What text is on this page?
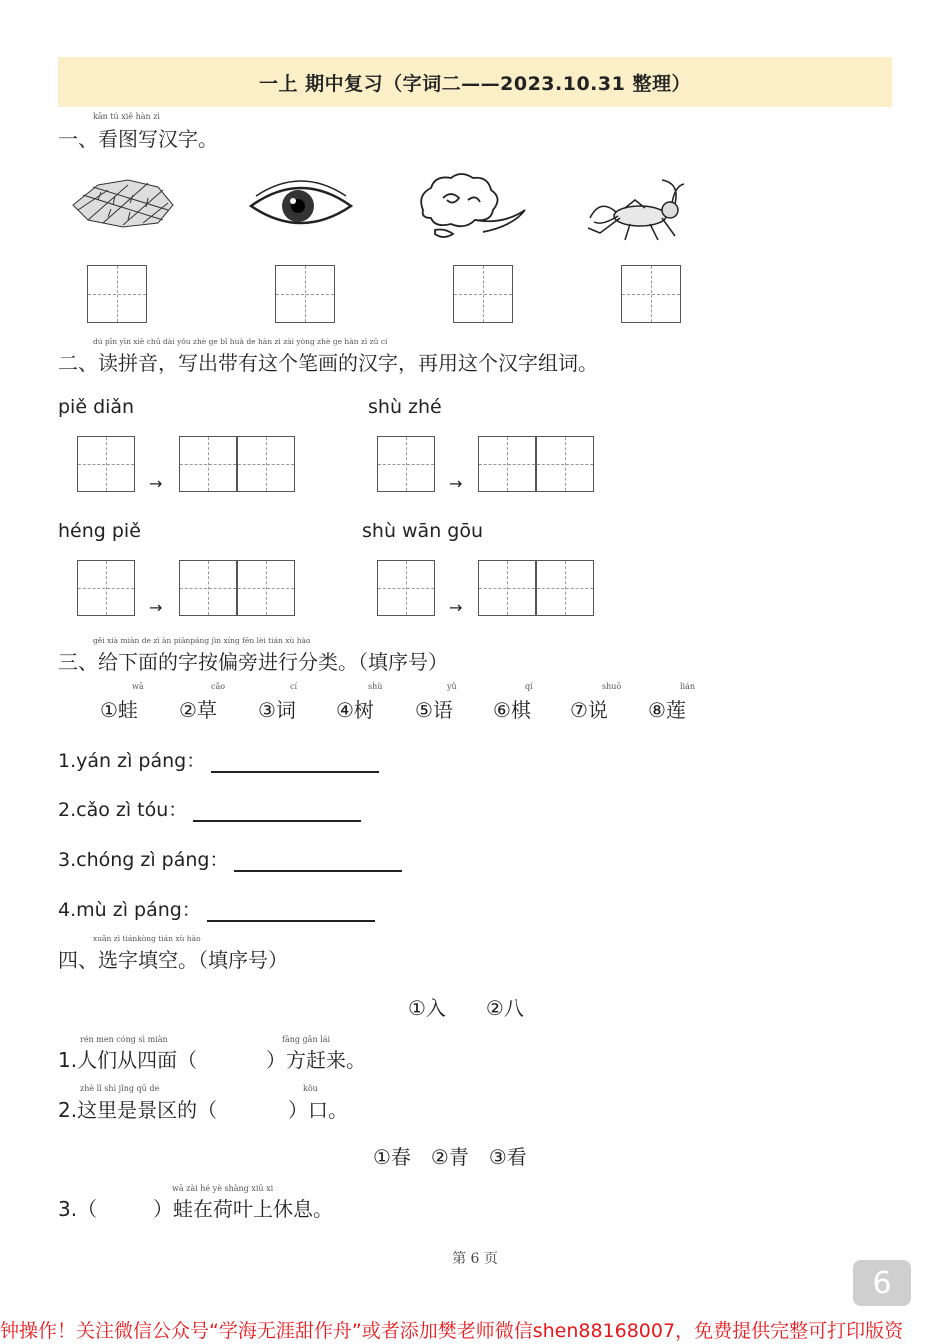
一上 期中复习（字词二——2023.10.31 整理）
kān tú xiě hàn zì
一、看图写汉字。
dú pīn yīn xiě chū dài yǒu zhè ge bǐ huà de hàn zì zài yòng zhè ge hàn zì zǔ cí
二、读拼音，写出带有这个笔画的汉字，再用这个汉字组词。
piě diǎn	shù zhé
→	→
héng piě	shù wān gōu
→	→
gěi xià miàn de zì àn piānpáng jìn xíng fēn lèi tián xù hào
三、给下面的字按偏旁进行分类。（填序号）
wā
①蛙
cǎo
②草
cí
③词
shù
④树
yǔ
⑤语
qí
⑥棋
shuō
⑦说
lián
⑧莲
1.yán zì páng：
2.cǎo zì tóu：
3.chóng zì páng：
4.mù zì páng：
xuǎn zì tiánkòng tián xù hào
四、选字填空。（填序号）
①入　　②八
rén men cóng sì miàn	fāng gǎn lái
1.人们从四面（	）方赶来。
zhè lǐ shì jǐng qū de	kǒu
2.这里是景区的（	）口。
①春　②青　③看
wā zài hé yè shàng xiū xi
3.（	）蛙在荷叶上休息。
第 6 页
6
钟操作！关注微信公众号“学海无涯甜作舟”或者添加樊老师微信shen88168007，免费提供完整可打印版资
